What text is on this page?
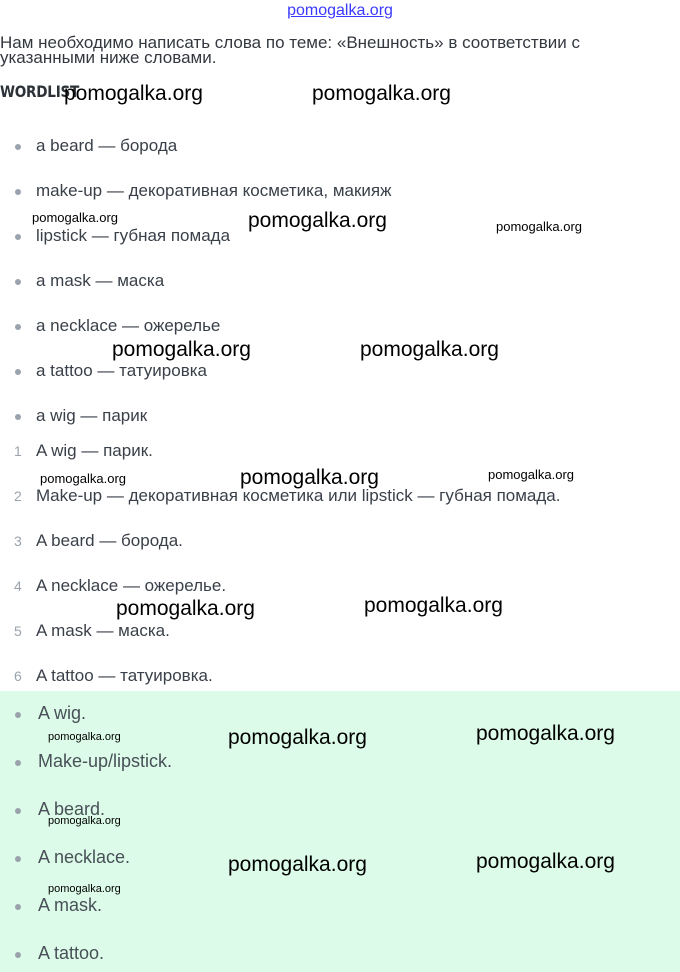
pomogalka.org
Нам необходимо написать слова по теме: «Внешность» в соответствии с
указанными ниже словами.
WORDLIST
a beard — борода
make-up — декоративная косметика, макияж
lipstick — губная помада
a mask — маска
a necklace — ожерелье
a tattoo — татуировка
a wig — парик
1 A wig — парик.
2 Make-up — декоративная косметика или lipstick — губная помада.
3 A beard — борода.
4 A necklace — ожерелье.
5 A mask — маска.
6 A tattoo — татуировка.
A wig.
Make-up/lipstick.
A beard.
A necklace.
A mask.
A tattoo.
pomogalka.org	pomogalka.org
pomogalka.org	pomogalka.org	pomogalka.org
pomogalka.org	pomogalka.org
pomogalka.org	pomogalka.org	pomogalka.org
pomogalka.org	pomogalka.org
pomogalka.org	pomogalka.org	pomogalka.org
pomogalka.org
pomogalka.org	pomogalka.org
pomogalka.org
